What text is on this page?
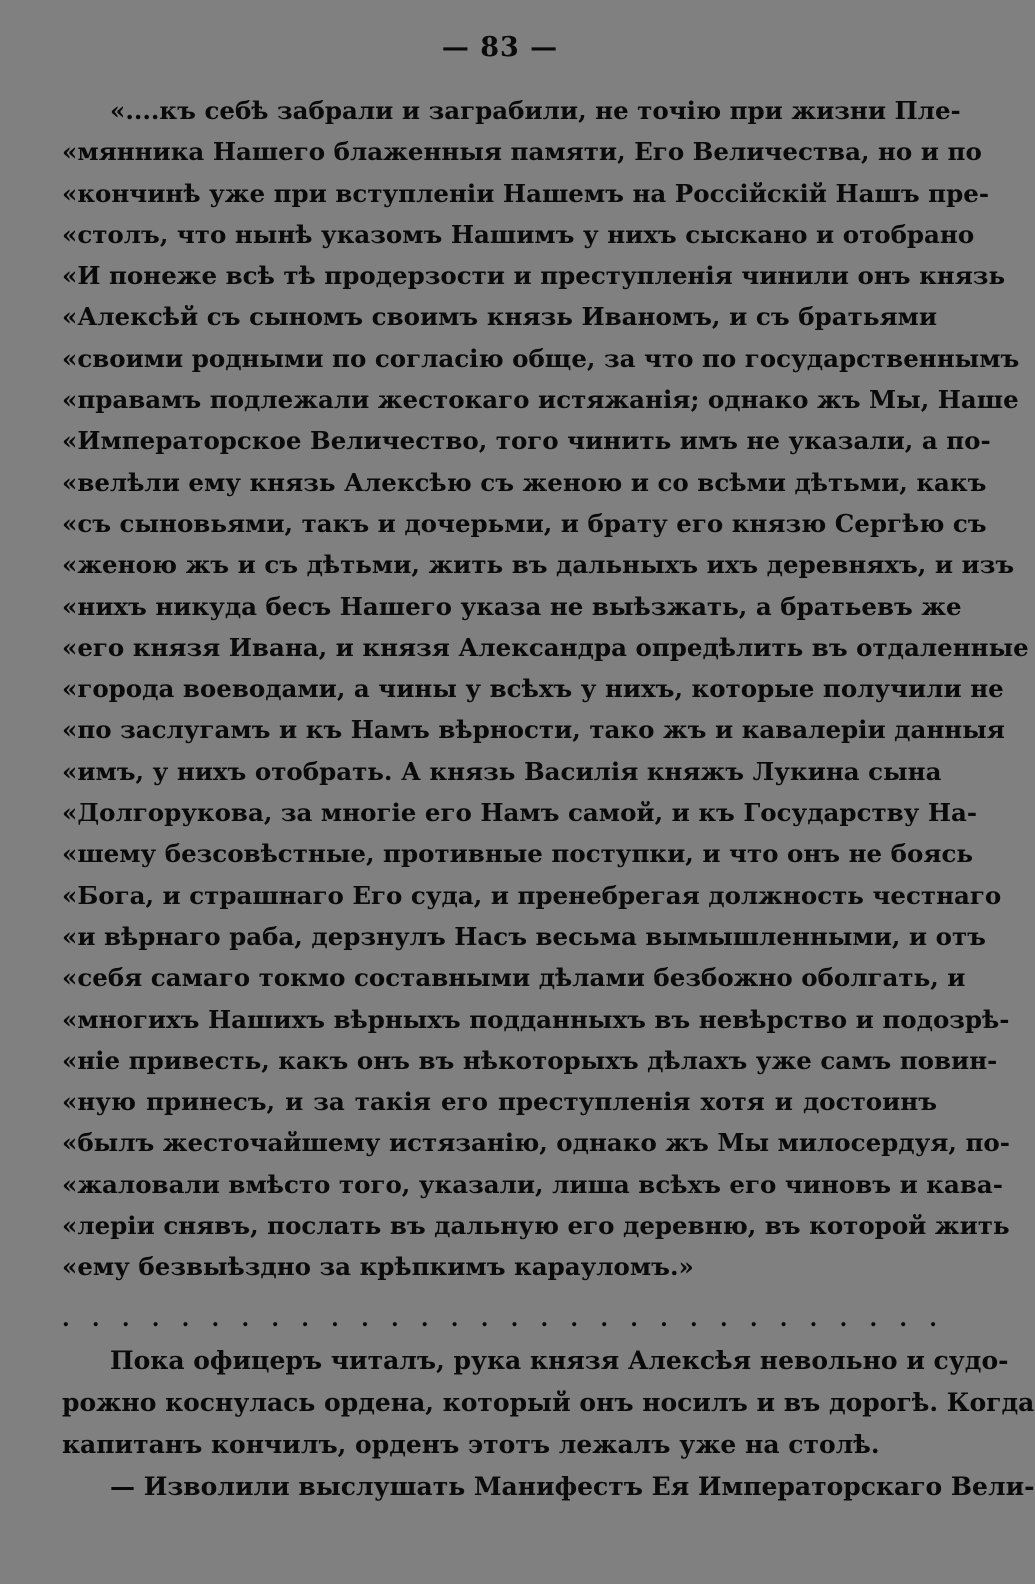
— 83 —
«....къ себѣ забрали и заграбили, не точію при жизни Пле-
«мянника Нашего блаженныя памяти, Его Величества, но и по
«кончинѣ уже при вступленіи Нашемъ на Россійскій Нашъ пре-
«столъ, что нынѣ указомъ Нашимъ у нихъ сыскано и отобрано
«И понеже всѣ тѣ продерзости и преступленія чинили онъ князь
«Алексѣй съ сыномъ своимъ князь Иваномъ, и съ братьями
«своими родными по согласію обще, за что по государственнымъ
«правамъ подлежали жестокаго истяжанія; однако жъ Мы, Наше
«Императорское Величество, того чинить имъ не указали, а по-
«велѣли ему князь Алексѣю съ женою и со всѣми дѣтьми, какъ
«съ сыновьями, такъ и дочерьми, и брату его князю Сергѣю съ
«женою жъ и съ дѣтьми, жить въ дальныхъ ихъ деревняхъ, и изъ
«нихъ никуда бесъ Нашего указа не выѣзжать, а братьевъ же
«его князя Ивана, и князя Александра опредѣлить въ отдаленные
«города воеводами, а чины у всѣхъ у нихъ, которые получили не
«по заслугамъ и къ Намъ вѣрности, тако жъ и кавалеріи данныя
«имъ, у нихъ отобрать. А князь Василія княжъ Лукина сына
«Долгорукова, за многіе его Намъ самой, и къ Государству На-
«шему безсовѣстные, противные поступки, и что онъ не боясь
«Бога, и страшнаго Его суда, и пренебрегая должность честнаго
«и вѣрнаго раба, дерзнулъ Насъ весьма вымышленными, и отъ
«себя самаго токмо составными дѣлами безбожно оболгать, и
«многихъ Нашихъ вѣрныхъ подданныхъ въ невѣрство и подозрѣ-
«ніе привесть, какъ онъ въ нѣкоторыхъ дѣлахъ уже самъ повин-
«ную принесъ, и за такія его преступленія хотя и достоинъ
«былъ жесточайшему истязанію, однако жъ Мы милосердуя, по-
«жаловали вмѣсто того, указали, лиша всѣхъ его чиновъ и кава-
«леріи снявъ, послать въ дальную его деревню, въ которой жить
«ему безвыѣздно за крѣпкимъ карауломъ.»
. . . . . . . . . . . . . . . . . . . . . . . . . . . . . .
Пока офицеръ читалъ, рука князя Алексѣя невольно и судо-
рожно коснулась ордена, который онъ носилъ и въ дорогѣ. Когда
капитанъ кончилъ, орденъ этотъ лежалъ уже на столѣ.
— Изволили выслушать Манифестъ Ея Императорскаго Вели-
